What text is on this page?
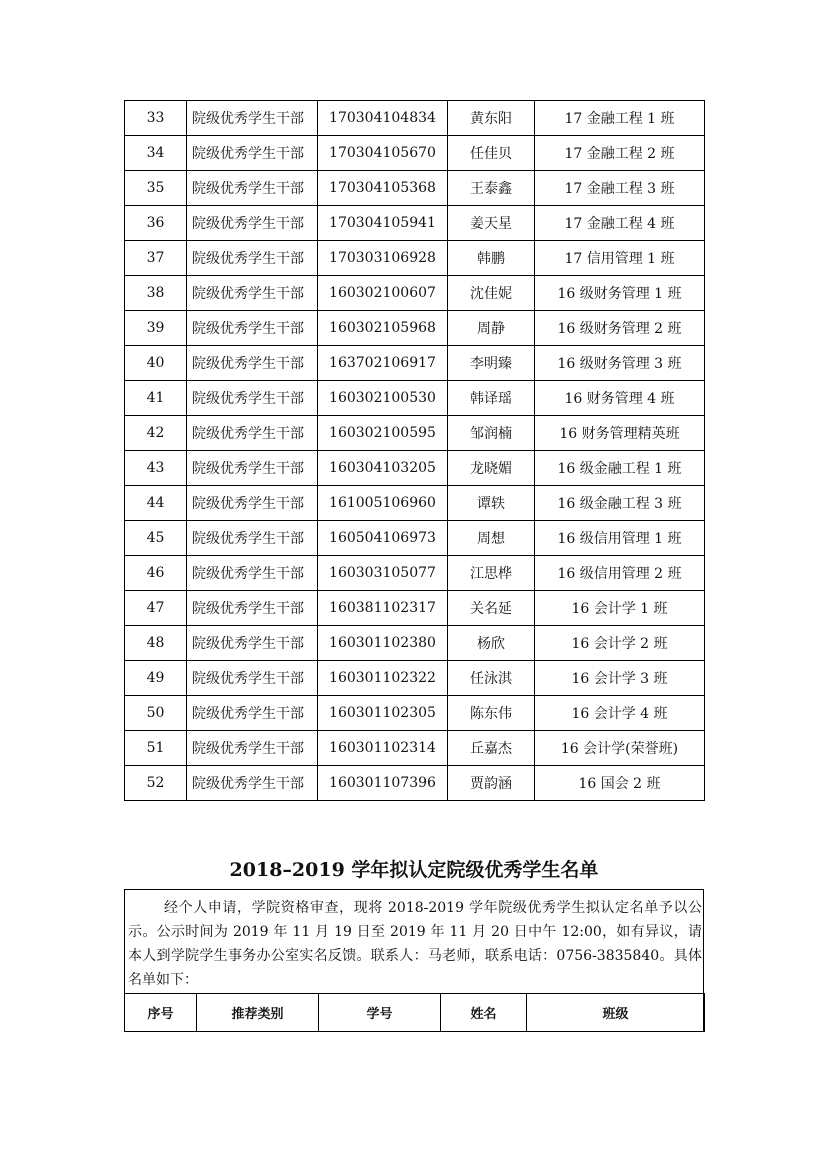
33	院级优秀学生干部	170304104834	黄东阳	17 金融工程 1 班
34	院级优秀学生干部	170304105670	任佳贝	17 金融工程 2 班
35	院级优秀学生干部	170304105368	王泰鑫	17 金融工程 3 班
36	院级优秀学生干部	170304105941	姜天星	17 金融工程 4 班
37	院级优秀学生干部	170303106928	韩鹏	17 信用管理 1 班
38	院级优秀学生干部	160302100607	沈佳妮	16 级财务管理 1 班
39	院级优秀学生干部	160302105968	周静	16 级财务管理 2 班
40	院级优秀学生干部	163702106917	李明臻	16 级财务管理 3 班
41	院级优秀学生干部	160302100530	韩译瑶	16 财务管理 4 班
42	院级优秀学生干部	160302100595	邹润楠	16 财务管理精英班
43	院级优秀学生干部	160304103205	龙晓媚	16 级金融工程 1 班
44	院级优秀学生干部	161005106960	谭轶	16 级金融工程 3 班
45	院级优秀学生干部	160504106973	周想	16 级信用管理 1 班
46	院级优秀学生干部	160303105077	江思桦	16 级信用管理 2 班
47	院级优秀学生干部	160381102317	关名延	16 会计学 1 班
48	院级优秀学生干部	160301102380	杨欣	16 会计学 2 班
49	院级优秀学生干部	160301102322	任泳淇	16 会计学 3 班
50	院级优秀学生干部	160301102305	陈东伟	16 会计学 4 班
51	院级优秀学生干部	160301102314	丘嘉杰	16 会计学(荣誉班)
52	院级优秀学生干部	160301107396	贾韵涵	16 国会 2 班
2018–2019 学年拟认定院级优秀学生名单
经个人申请，学院资格审查，现将 2018-2019 学年院级优秀学生拟认定名单予以公示。公示时间为 2019 年 11 月 19 日至 2019 年 11 月 20 日中午 12:00，如有异议，请本人到学院学生事务办公室实名反馈。联系人：马老师，联系电话：0756-3835840。具体名单如下：
序号	推荐类别	学号	姓名	班级
